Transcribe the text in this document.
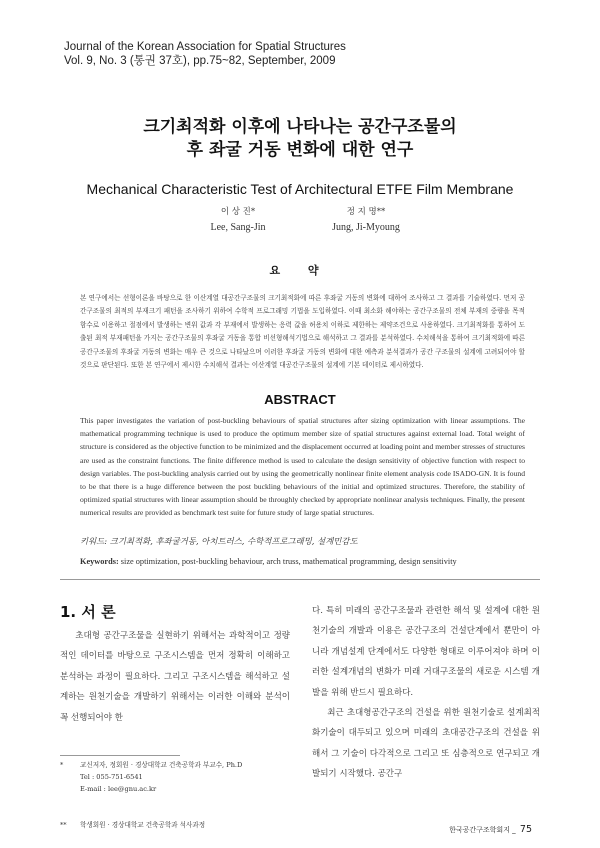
Journal of the Korean Association for Spatial Structures
Vol. 9, No. 3 (통권 37호), pp.75~82, September, 2009
크기최적화 이후에 나타나는 공간구조물의
후 좌굴 거동 변화에 대한 연구
Mechanical Characteristic Test of Architectural ETFE Film Membrane
이 상 진*
Lee, Sang-Jin
정 지 명**
Jung, Ji-Myoung
요 약
본 연구에서는 선형이론을 바탕으로 한 이산계열 대공간구조물의 크기최적화에 따른 후좌굴 거동의 변화에 대하여 조사하고 그 결과를 기술하였다. 먼저 공간구조물의 최적의 부재크기 패턴을 조사하기 위하여 수학적 프로그래밍 기법을 도입하였다. 이때 최소화 해야하는 공간구조물의 전체 부재의 중량을 목적함수로 이용하고 절점에서 발생하는 변위 값과 각 부재에서 발생하는 응력 값을 허용치 이하로 제한하는 제약조건으로 사용하였다. 크기최적화를 통하여 도출된 최적 부재패턴을 가지는 공간구조물의 후좌굴 거동을 통합 비선형해석기법으로 해석하고 그 결과를 분석하였다. 수치해석을 통하여 크기최적화에 따른 공간구조물의 후좌굴 거동의 변화는 매우 큰 것으로 나타났으며 이러한 후좌굴 거동의 변화에 대한 예측과 분석결과가 공간 구조물의 설계에 고려되어야 할 것으로 판단된다. 또한 본 연구에서 제시한 수치해석 결과는 이산계열 대공간구조물의 설계에 기본 데이터로 제시하였다.
ABSTRACT
This paper investigates the variation of post-buckling behaviours of spatial structures after sizing optimization with linear assumptions. The mathematical programming technique is used to produce the optimum member size of spatial structures against external load. Total weight of structure is considered as the objective function to be minimized and the displacement occurred at loading point and member stresses of structures are used as the constraint functions. The finite difference method is used to calculate the design sensitivity of objective function with respect to design variables. The post-buckling analysis carried out by using the geometrically nonlinear finite element analysis code ISADO-GN. It is found to be that there is a huge difference between the post buckling behaviours of the initial and optimized structures. Therefore, the stability of optimized spatial structures with linear assumption should be throughly checked by appropriate nonlinear analysis techniques. Finally, the present numerical results are provided as benchmark test suite for future study of large spatial structures.
키워드: 크기최적화, 후좌굴거동, 아치트러스, 수학적프로그래밍, 설계민감도
Keywords: size optimization, post-buckling behaviour, arch truss, mathematical programming, design sensitivity
1. 서 론

초대형 공간구조물을 실현하기 위해서는 과학적이고 정량적인 데이터를 바탕으로 구조시스템을 먼저 정확히 이해하고 분석하는 과정이 필요하다. 그리고 구조시스템을 해석하고 설계하는 원천기술을 개발하기 위해서는 이러한 이해와 분석이 꼭 선행되어야 한

다. 특히 미래의 공간구조물과 관련한 해석 및 설계에 대한 원천기술의 개발과 이용은 공간구조의 건설단계에서 뿐만이 아니라 개념설계 단계에서도 다양한 형태로 이루어져야 하며 이러한 설계개념의 변화가 미래 거대구조물의 새로운 시스템 개발을 위해 반드시 필요하다.

최근 초대형공간구조의 건설을 위한 원천기술로 설계최적화기술이 대두되고 있으며 미래의 초대공간구조의 건설을 위해서 그 기술이 다각적으로 그리고 또 심층적으로 연구되고 개발되기 시작했다. 공간구

*	교신저자, 정회원 · 경상대학교 건축공학과 부교수, Ph.D
Tel : 055-751-6541
E-mail : lee@gnu.ac.kr
**	학생회원 · 경상대학교 건축공학과 석사과정
한국공간구조학회지 _ 75
